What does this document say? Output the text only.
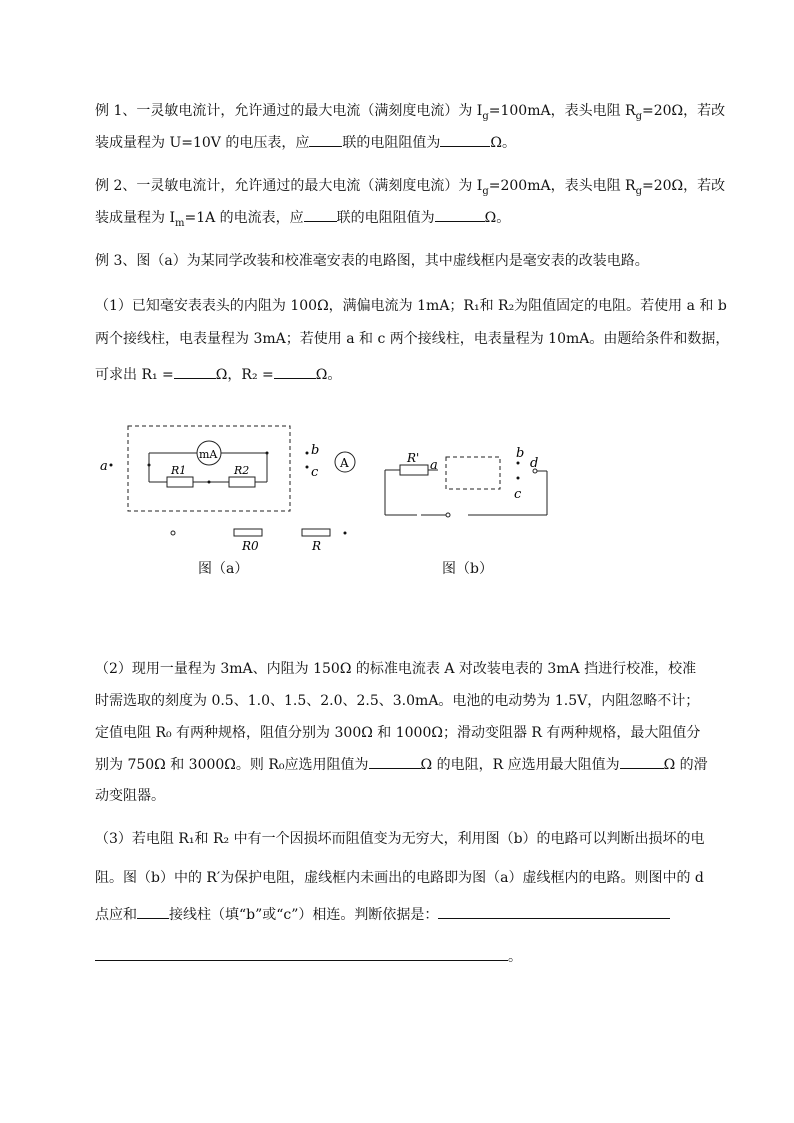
例 1、一灵敏电流计，允许通过的最大电流（满刻度电流）为 $I_g=100mA$，表头电阻 $R_g=20\Omega$，若改
装成量程为 U=10V 的电压表，应 联的电阻阻值为	Ω。
例 2、一灵敏电流计，允许通过的最大电流（满刻度电流）为 $I_g=200mA$，表头电阻 $R_g=20\Omega$，若改
装成量程为 $I_m=1A$ 的电流表，应 联的电阻阻值为	Ω。
例 3、图（a）为某同学改装和校准毫安表的电路图，其中虚线框内是毫安表的改装电路。
（1）已知毫安表表头的内阻为 100Ω，满偏电流为 1mA；R₁和 R₂为阻值固定的电阻。若使用 a 和 b
两个接线柱，电表量程为 3mA；若使用 a 和 c 两个接线柱，电表量程为 10mA。由题给条件和数据，
可求出 R₁ =	Ω，R₂ =	Ω。
a
mA
R1	R2
b
c
A
R0	R
图（a）
R' a
b
c
d
图（b）
（2）现用一量程为 3mA、内阻为 150Ω 的标准电流表 A 对改装电表的 3mA 挡进行校准，校准
时需选取的刻度为 0.5、1.0、1.5、2.0、2.5、3.0mA。电池的电动势为 1.5V，内阻忽略不计；
定值电阻 R₀ 有两种规格，阻值分别为 300Ω 和 1000Ω；滑动变阻器 R 有两种规格，最大阻值分
别为 750Ω 和 3000Ω。则 R₀应选用阻值为	Ω 的电阻，R 应选用最大阻值为	Ω 的滑
动变阻器。
（3）若电阻 R₁和 R₂ 中有一个因损坏而阻值变为无穷大，利用图（b）的电路可以判断出损坏的电
阻。图（b）中的 R′为保护电阻，虚线框内未画出的电路即为图（a）虚线框内的电路。则图中的 d
点应和 接线柱（填“b”或“c”）相连。判断依据是：
。
